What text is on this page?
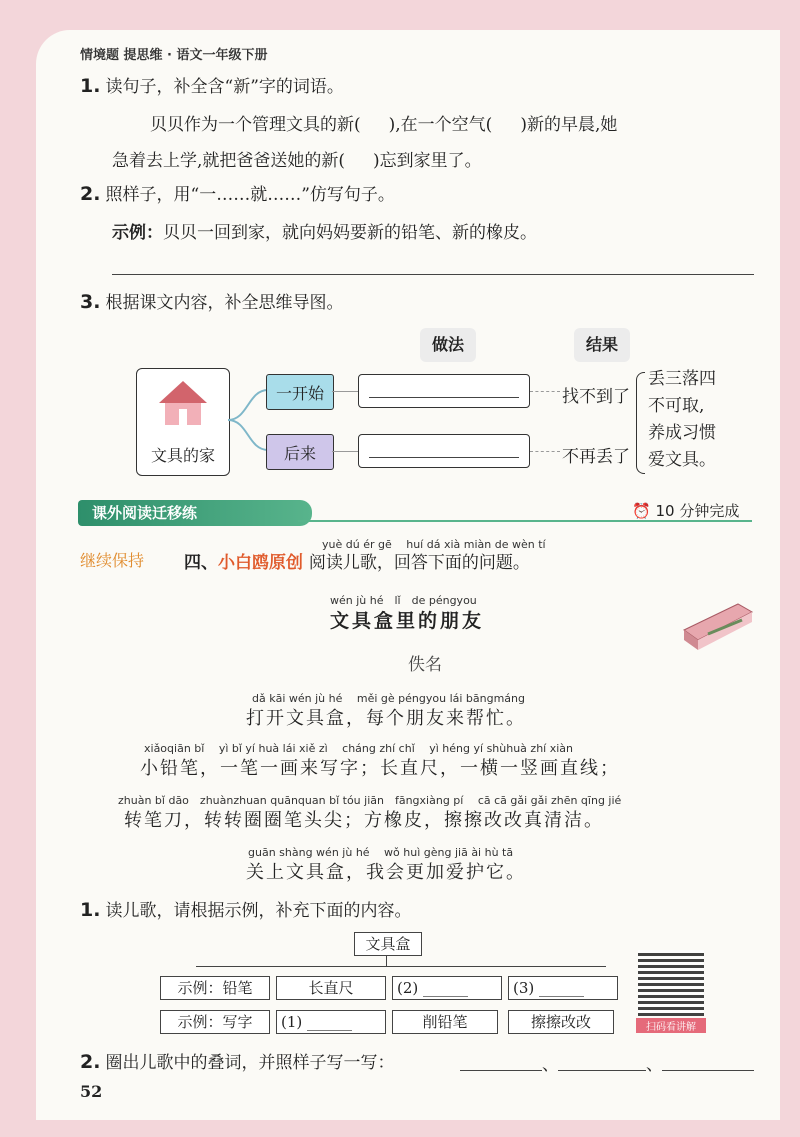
情境题 提思维 · 语文一年级下册
1. 读句子，补全含“新”字的词语。
贝贝作为一个管理文具的新( ),在一个空气( )新的早晨,她
急着去上学,就把爸爸送她的新( )忘到家里了。
2. 照样子，用“一……就……”仿写句子。
示例：贝贝一回到家，就向妈妈要新的铅笔、新的橡皮。
3. 根据课文内容，补全思维导图。
做法	结果
文具的家
一开始
后来
找不到了
不再丢了
丢三落四
不可取,
养成习惯
爱文具。
课外阅读迁移练	⏰ 10 分钟完成
继续保持
yuè dú ér gē　 huí dá xià miàn de wèn tí
四、小白鸥原创 阅读儿歌，回答下面的问题。
wén jù hé　lǐ　de péngyou
文具盒里的朋友
佚名
dǎ kāi wén jù hé　 měi gè péngyou lái bāngmáng
打开文具盒，每个朋友来帮忙。
xiǎoqiān bǐ　 yì bǐ yí huà lái xiě zì　 cháng zhí chǐ　 yì héng yí shùhuà zhí xiàn
小铅笔，一笔一画来写字；长直尺，一横一竖画直线；
zhuàn bǐ dāo　zhuànzhuan quānquan bǐ tóu jiān　fāngxiàng pí　 cā cā gǎi gǎi zhēn qīng jié
转笔刀，转转圈圈笔头尖；方橡皮，擦擦改改真清洁。
guān shàng wén jù hé　 wǒ huì gèng jiā ài hù tā
关上文具盒，我会更加爱护它。
1. 读儿歌，请根据示例，补充下面的内容。
文具盒
示例：铅笔	长直尺	(2) ______	(3) ______
示例：写字	(1) ______	削铅笔	擦擦改改	扫码看讲解
2. 圈出儿歌中的叠词，并照样子写一写：	、	、
52
